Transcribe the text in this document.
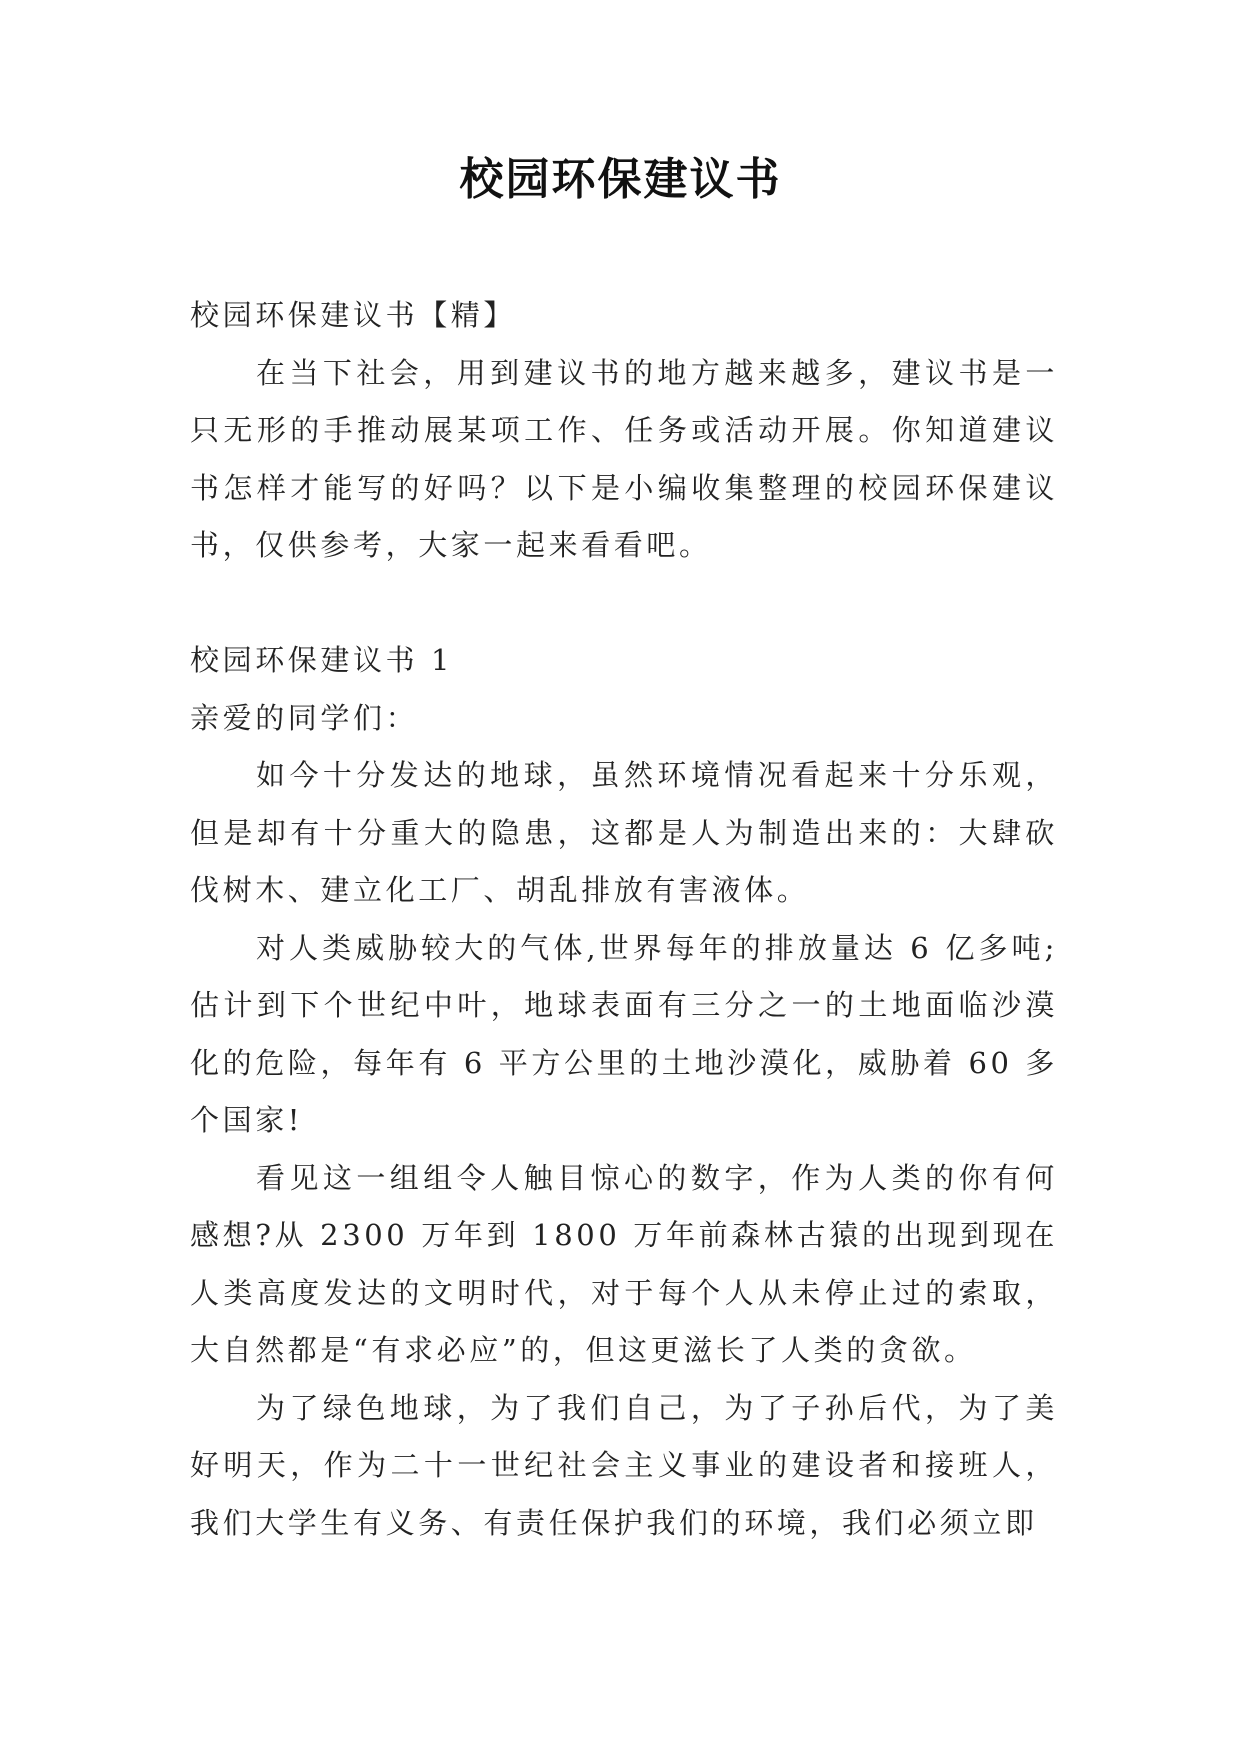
校园环保建议书

校园环保建议书【精】

在当下社会，用到建议书的地方越来越多，建议书是一只无形的手推动展某项工作、任务或活动开展。你知道建议书怎样才能写的好吗？以下是小编收集整理的校园环保建议书，仅供参考，大家一起来看看吧。

校园环保建议书 1

亲爱的同学们：

如今十分发达的地球，虽然环境情况看起来十分乐观，但是却有十分重大的隐患，这都是人为制造出来的：大肆砍伐树木、建立化工厂、胡乱排放有害液体。

对人类威胁较大的气体,世界每年的排放量达 6 亿多吨;估计到下个世纪中叶，地球表面有三分之一的土地面临沙漠化的危险，每年有 6 平方公里的土地沙漠化，威胁着 60 多个国家!

看见这一组组令人触目惊心的数字，作为人类的你有何感想?从 2300 万年到 1800 万年前森林古猿的出现到现在人类高度发达的文明时代，对于每个人从未停止过的索取，大自然都是“有求必应”的，但这更滋长了人类的贪欲。

为了绿色地球，为了我们自己，为了子孙后代，为了美好明天，作为二十一世纪社会主义事业的建设者和接班人，我们大学生有义务、有责任保护我们的环境，我们必须立即
